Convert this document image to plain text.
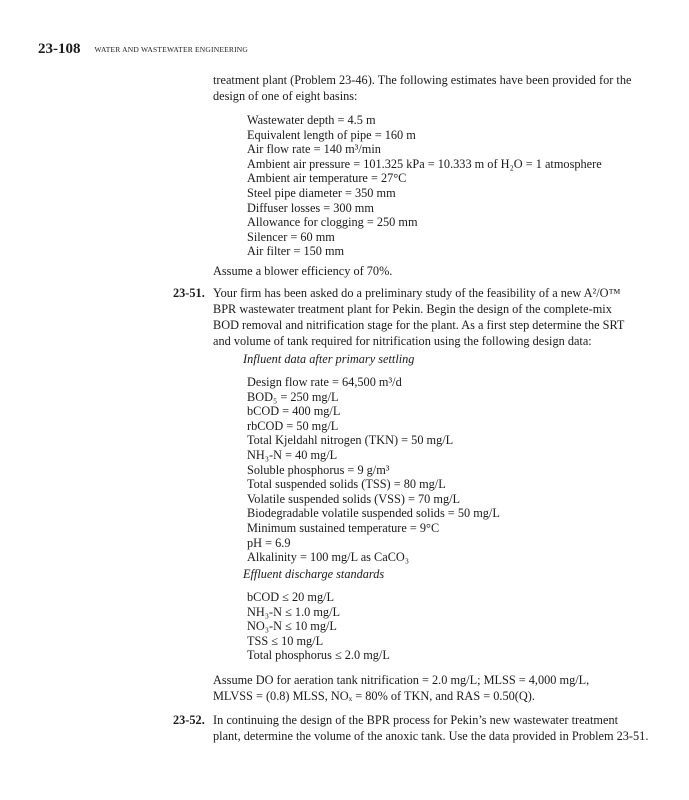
23-108 WATER AND WASTEWATER ENGINEERING
treatment plant (Problem 23-46). The following estimates have been provided for the
design of one of eight basins:
Wastewater depth = 4.5 m
Equivalent length of pipe = 160 m
Air flow rate = 140 m³/min
Ambient air pressure = 101.325 kPa = 10.333 m of H₂O = 1 atmosphere
Ambient air temperature = 27°C
Steel pipe diameter = 350 mm
Diffuser losses = 300 mm
Allowance for clogging = 250 mm
Silencer = 60 mm
Air filter = 150 mm
Assume a blower efficiency of 70%.
23-51. Your firm has been asked do a preliminary study of the feasibility of a new A²/O™
BPR wastewater treatment plant for Pekin. Begin the design of the complete-mix
BOD removal and nitrification stage for the plant. As a first step determine the SRT
and volume of tank required for nitrification using the following design data:
Influent data after primary settling
Design flow rate = 64,500 m³/d
BOD₅ = 250 mg/L
bCOD = 400 mg/L
rbCOD = 50 mg/L
Total Kjeldahl nitrogen (TKN) = 50 mg/L
NH₃-N = 40 mg/L
Soluble phosphorus = 9 g/m³
Total suspended solids (TSS) = 80 mg/L
Volatile suspended solids (VSS) = 70 mg/L
Biodegradable volatile suspended solids = 50 mg/L
Minimum sustained temperature = 9°C
pH = 6.9
Alkalinity = 100 mg/L as CaCO₃
Effluent discharge standards
bCOD ≤ 20 mg/L
NH₃-N ≤ 1.0 mg/L
NO₃-N ≤ 10 mg/L
TSS ≤ 10 mg/L
Total phosphorus ≤ 2.0 mg/L
Assume DO for aeration tank nitrification = 2.0 mg/L; MLSS = 4,000 mg/L,
MLVSS = (0.8) MLSS, NOₓ = 80% of TKN, and RAS = 0.50(Q).
23-52. In continuing the design of the BPR process for Pekin’s new wastewater treatment
plant, determine the volume of the anoxic tank. Use the data provided in Problem 23-51.
